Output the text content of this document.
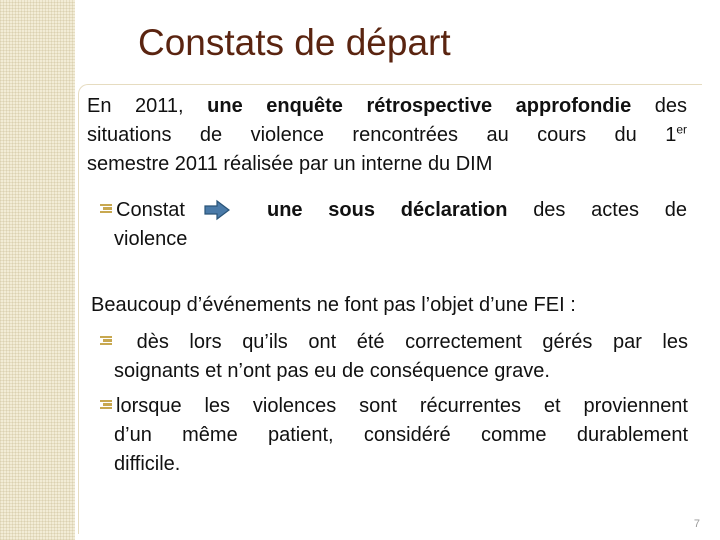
Constats de départ
En 2011, une enquête rétrospective approfondie des
situations de violence rencontrées au cours du 1er
semestre 2011 réalisée par un interne du DIM
Constat
violence
une sous déclaration des actes de
Beaucoup d’événements ne font pas l’objet d’une FEI :
dès lors qu’ils ont été correctement gérés par les
soignants et n’ont pas eu de conséquence grave.
lorsque les violences sont récurrentes et proviennent
d’un même patient, considéré comme durablement
difficile.
7
